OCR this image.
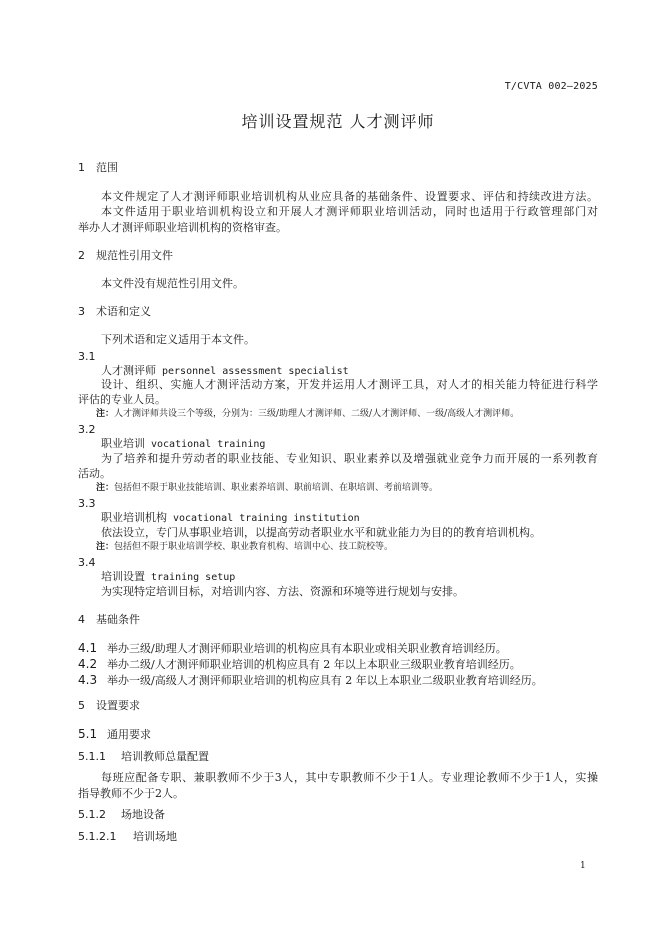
T/CVTA 002—2025
培训设置规范 人才测评师
1 范围
本文件规定了人才测评师职业培训机构从业应具备的基础条件、设置要求、评估和持续改进方法。
本文件适用于职业培训机构设立和开展人才测评师职业培训活动，同时也适用于行政管理部门对
举办人才测评师职业培训机构的资格审查。
2 规范性引用文件
本文件没有规范性引用文件。
3 术语和定义
下列术语和定义适用于本文件。
3.1
人才测评师 personnel assessment specialist
设计、组织、实施人才测评活动方案，开发并运用人才测评工具，对人才的相关能力特征进行科学
评估的专业人员。
注：人才测评师共设三个等级，分别为：三级/助理人才测评师、二级/人才测评师、一级/高级人才测评师。
3.2
职业培训 vocational training
为了培养和提升劳动者的职业技能、专业知识、职业素养以及增强就业竞争力而开展的一系列教育
活动。
注：包括但不限于职业技能培训、职业素养培训、职前培训、在职培训、考前培训等。
3.3
职业培训机构 vocational training institution
依法设立，专门从事职业培训，以提高劳动者职业水平和就业能力为目的的教育培训机构。
注：包括但不限于职业培训学校、职业教育机构、培训中心、技工院校等。
3.4
培训设置 training setup
为实现特定培训目标，对培训内容、方法、资源和环境等进行规划与安排。
4 基础条件
4.1 举办三级/助理人才测评师职业培训的机构应具有本职业或相关职业教育培训经历。
4.2 举办二级/人才测评师职业培训的机构应具有 2 年以上本职业三级职业教育培训经历。
4.3 举办一级/高级人才测评师职业培训的机构应具有 2 年以上本职业二级职业教育培训经历。
5 设置要求
5.1 通用要求
5.1.1 培训教师总量配置
每班应配备专职、兼职教师不少于3人，其中专职教师不少于1人。专业理论教师不少于1人，实操
指导教师不少于2人。
5.1.2 场地设备
5.1.2.1 培训场地
1
